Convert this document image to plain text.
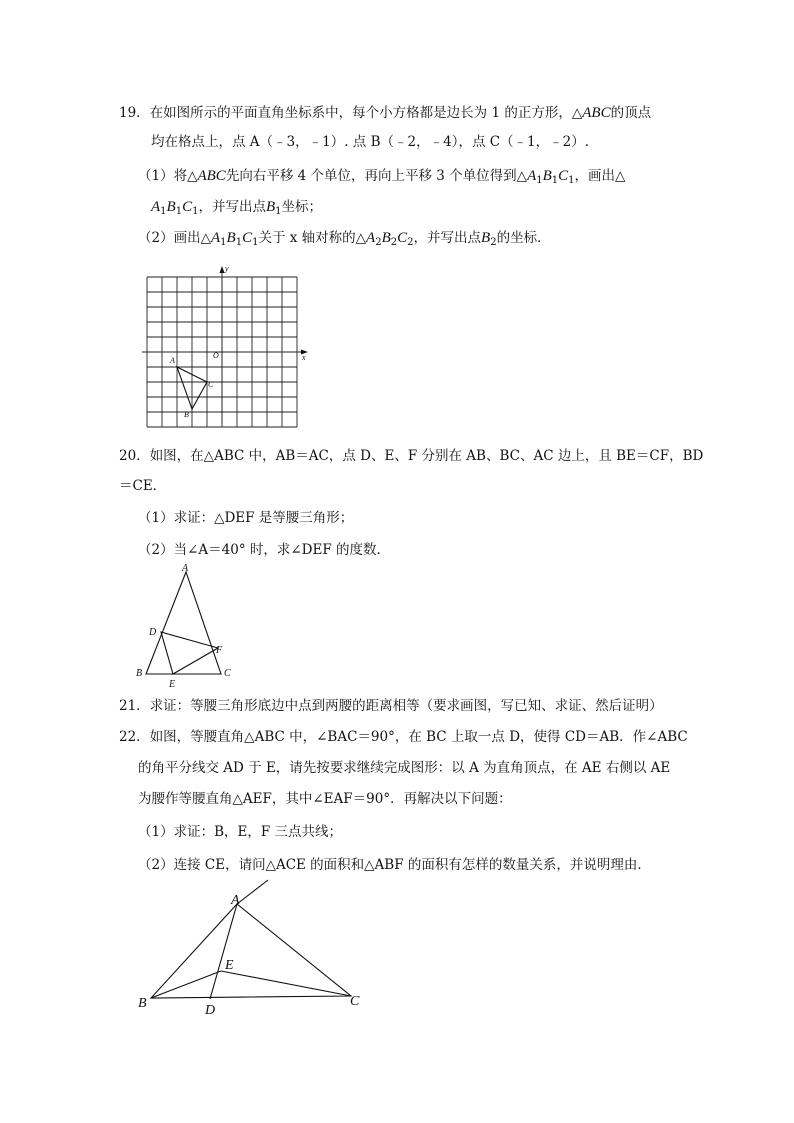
19．在如图所示的平面直角坐标系中，每个小方格都是边长为 1 的正方形，△ABC的顶点
均在格点上，点 A（﹣3，﹣1）. 点 B（﹣2，﹣4），点 C（﹣1，﹣2）.
（1）将△ABC先向右平移 4 个单位，再向上平移 3 个单位得到$\triangle A_1B_1C_1$，画出△
$A_1B_1C_1$，并写出点$B_1$坐标；
（2）画出$\triangle A_1B_1C_1$关于 x 轴对称的$\triangle A_2B_2C_2$，并写出点$B_2$的坐标．
x
y
O
A
B
C
20．如图，在△ABC 中，AB＝AC，点 D、E、F 分别在 AB、BC、AC 边上，且 BE＝CF，BD
＝CE．
（1）求证：△DEF 是等腰三角形；
（2）当∠A＝40° 时，求∠DEF 的度数．
A
B	C
D
E
F
21．求证：等腰三角形底边中点到两腰的距离相等（要求画图，写已知、求证、然后证明）
22．如图，等腰直角△ABC 中，∠BAC＝90°，在 BC 上取一点 D，使得 CD＝AB．作∠ABC
的角平分线交 AD 于 E，请先按要求继续完成图形：以 A 为直角顶点，在 AE 右侧以 AE
为腰作等腰直角△AEF，其中∠EAF＝90°．再解决以下问题：
（1）求证：B，E，F 三点共线；
（2）连接 CE，请问△ACE 的面积和△ABF 的面积有怎样的数量关系，并说明理由．
A
B	C
D
E
